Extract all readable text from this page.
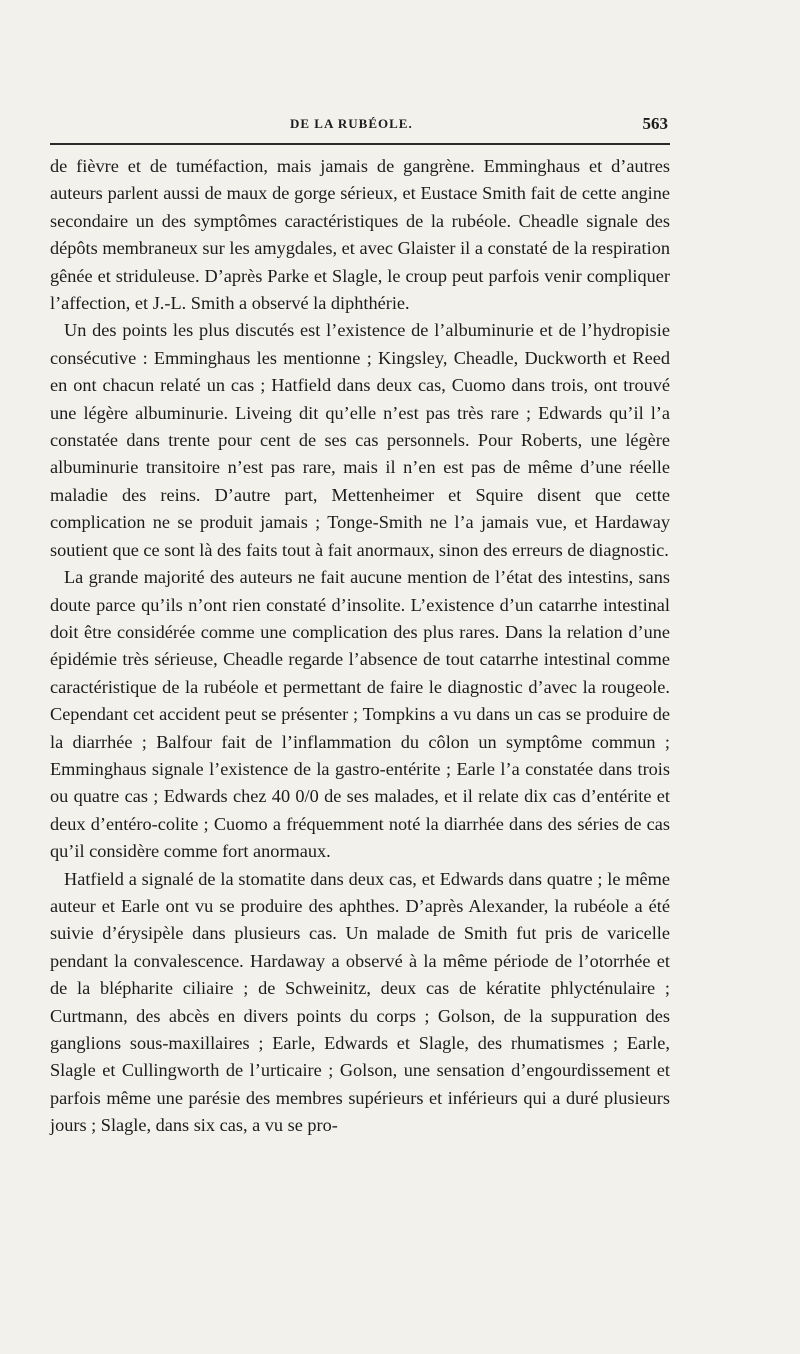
DE LA RUBÉOLE.	563

de fièvre et de tuméfaction, mais jamais de gangrène. Emminghaus et d’autres auteurs parlent aussi de maux de gorge sérieux, et Eustace Smith fait de cette angine secondaire un des symptômes caractéristiques de la rubéole. Cheadle signale des dépôts membraneux sur les amygdales, et avec Glaister il a constaté de la respiration gênée et striduleuse. D’après Parke et Slagle, le croup peut parfois venir compliquer l’affection, et J.-L. Smith a observé la diphthérie.

Un des points les plus discutés est l’existence de l’albuminurie et de l’hydropisie consécutive : Emminghaus les mentionne ; Kingsley, Cheadle, Duckworth et Reed en ont chacun relaté un cas ; Hatfield dans deux cas, Cuomo dans trois, ont trouvé une légère albuminurie. Liveing dit qu’elle n’est pas très rare ; Edwards qu’il l’a constatée dans trente pour cent de ses cas personnels. Pour Roberts, une légère albuminurie transitoire n’est pas rare, mais il n’en est pas de même d’une réelle maladie des reins. D’autre part, Mettenheimer et Squire disent que cette complication ne se produit jamais ; Tonge-Smith ne l’a jamais vue, et Hardaway soutient que ce sont là des faits tout à fait anormaux, sinon des erreurs de diagnostic.

La grande majorité des auteurs ne fait aucune mention de l’état des intestins, sans doute parce qu’ils n’ont rien constaté d’insolite. L’existence d’un catarrhe intestinal doit être considérée comme une complication des plus rares. Dans la relation d’une épidémie très sérieuse, Cheadle regarde l’absence de tout catarrhe intestinal comme caractéristique de la rubéole et permettant de faire le diagnostic d’avec la rougeole. Cependant cet accident peut se présenter ; Tompkins a vu dans un cas se produire de la diarrhée ; Balfour fait de l’inflammation du côlon un symptôme commun ; Emminghaus signale l’existence de la gastro-entérite ; Earle l’a constatée dans trois ou quatre cas ; Edwards chez 40 0/0 de ses malades, et il relate dix cas d’entérite et deux d’entéro-colite ; Cuomo a fréquemment noté la diarrhée dans des séries de cas qu’il considère comme fort anormaux.

Hatfield a signalé de la stomatite dans deux cas, et Edwards dans quatre ; le même auteur et Earle ont vu se produire des aphthes. D’après Alexander, la rubéole a été suivie d’érysipèle dans plusieurs cas. Un malade de Smith fut pris de varicelle pendant la convalescence. Hardaway a observé à la même période de l’otorrhée et de la blépharite ciliaire ; de Schweinitz, deux cas de kératite phlycténulaire ; Curtmann, des abcès en divers points du corps ; Golson, de la suppuration des ganglions sous-maxillaires ; Earle, Edwards et Slagle, des rhumatismes ; Earle, Slagle et Cullingworth de l’urticaire ; Golson, une sensation d’engourdissement et parfois même une parésie des membres supérieurs et inférieurs qui a duré plusieurs jours ; Slagle, dans six cas, a vu se pro-
